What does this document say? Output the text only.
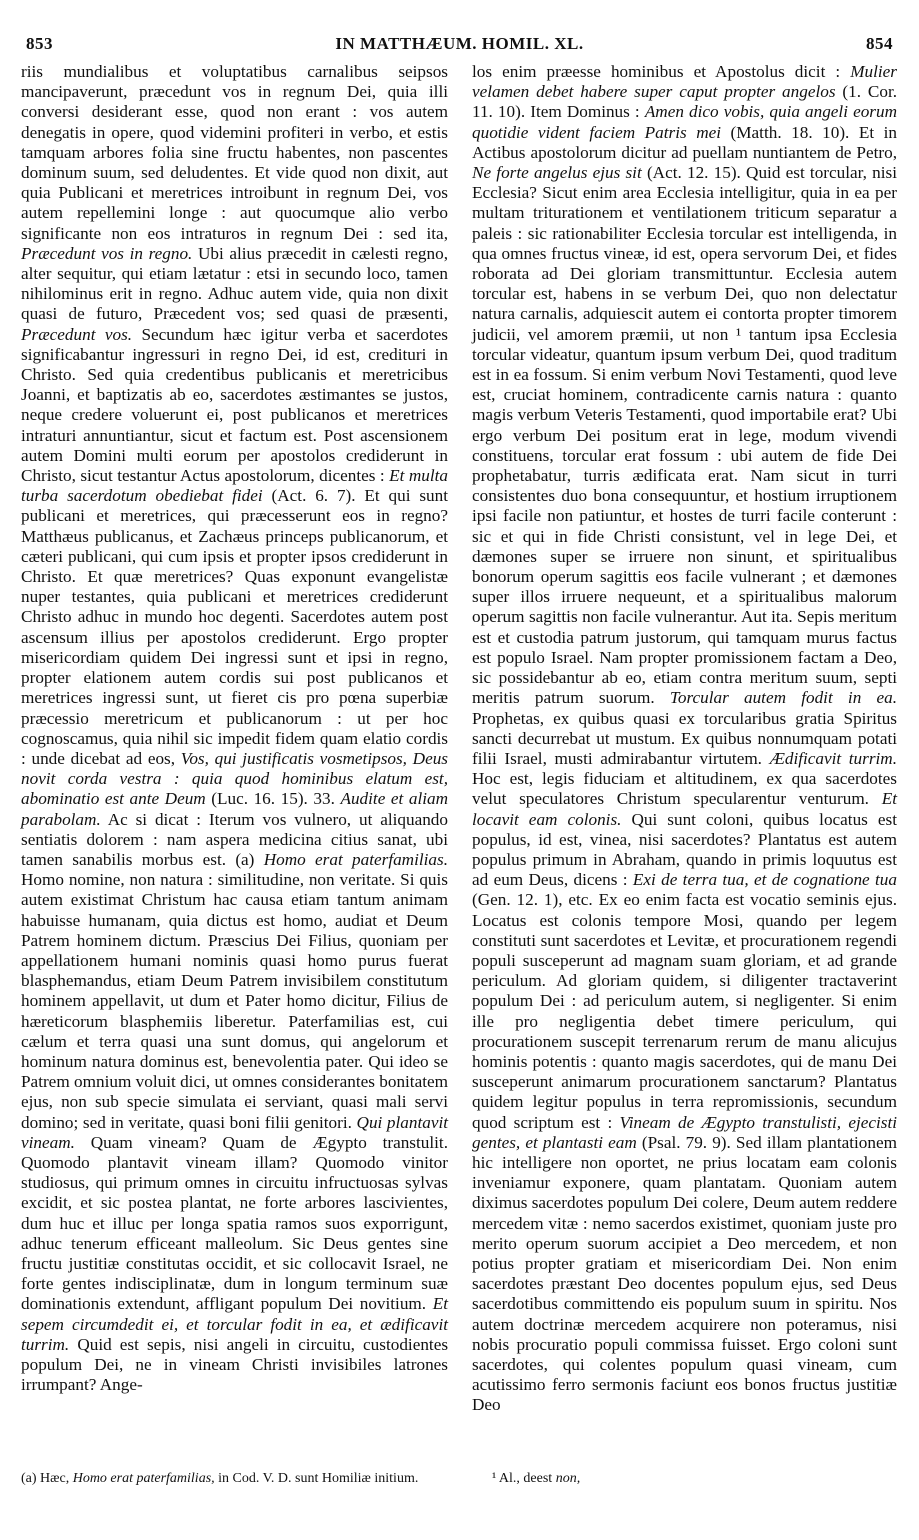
853	IN MATTHÆUM. HOMIL. XL.	854

riis mundialibus et voluptatibus carnalibus seipsos mancipaverunt, præcedunt vos in regnum Dei, quia illi conversi desiderant esse, quod non erant : vos autem denegatis in opere, quod videmini profiteri in verbo, et estis tamquam arbores folia sine fructu habentes, non pascentes dominum suum, sed deludentes. Et vide quod non dixit, aut quia Publicani et meretrices introibunt in regnum Dei, vos autem repellemini longe : aut quocumque alio verbo significante non eos intraturos in regnum Dei : sed ita, Præcedunt vos in regno. Ubi alius præcedit in cælesti regno, alter sequitur, qui etiam lætatur : etsi in secundo loco, tamen nihilominus erit in regno. Adhuc autem vide, quia non dixit quasi de futuro, Præcedent vos; sed quasi de præsenti, Præcedunt vos. Secundum hæc igitur verba et sacerdotes significabantur ingressuri in regno Dei, id est, credituri in Christo. Sed quia credentibus publicanis et meretricibus Joanni, et baptizatis ab eo, sacerdotes æstimantes se justos, neque credere voluerunt ei, post publicanos et meretrices intraturi annuntiantur, sicut et factum est. Post ascensionem autem Domini multi eorum per apostolos crediderunt in Christo, sicut testantur Actus apostolorum, dicentes : Et multa turba sacerdotum obediebat fidei (Act. 6. 7). Et qui sunt publicani et meretrices, qui præcesserunt eos in regno? Matthæus publicanus, et Zachæus princeps publicanorum, et cæteri publicani, qui cum ipsis et propter ipsos crediderunt in Christo. Et quæ meretrices? Quas exponunt evangelistæ nuper testantes, quia publicani et meretrices crediderunt Christo adhuc in mundo hoc degenti. Sacerdotes autem post ascensum illius per apostolos crediderunt. Ergo propter misericordiam quidem Dei ingressi sunt et ipsi in regno, propter elationem autem cordis sui post publicanos et meretrices ingressi sunt, ut fieret cis pro pœna superbiæ præcessio meretricum et publicanorum : ut per hoc cognoscamus, quia nihil sic impedit fidem quam elatio cordis : unde dicebat ad eos, Vos, qui justificatis vosmetipsos, Deus novit corda vestra : quia quod hominibus elatum est, abominatio est ante Deum (Luc. 16. 15). 33. Audite et aliam parabolam. Ac si dicat : Iterum vos vulnero, ut aliquando sentiatis dolorem : nam aspera medicina citius sanat, ubi tamen sanabilis morbus est. (a) Homo erat paterfamilias. Homo nomine, non natura : similitudine, non veritate. Si quis autem existimat Christum hac causa etiam tantum animam habuisse humanam, quia dictus est homo, audiat et Deum Patrem hominem dictum. Præscius Dei Filius, quoniam per appellationem humani nominis quasi homo purus fuerat blasphemandus, etiam Deum Patrem invisibilem constitutum hominem appellavit, ut dum et Pater homo dicitur, Filius de hæreticorum blasphemiis liberetur. Paterfamilias est, cui cælum et terra quasi una sunt domus, qui angelorum et hominum natura dominus est, benevolentia pater. Qui ideo se Patrem omnium voluit dici, ut omnes considerantes bonitatem ejus, non sub specie simulata ei serviant, quasi mali servi domino; sed in veritate, quasi boni filii genitori. Qui plantavit vineam. Quam vineam? Quam de Ægypto transtulit. Quomodo plantavit vineam illam? Quomodo vinitor studiosus, qui primum omnes in circuitu infructuosas sylvas excidit, et sic postea plantat, ne forte arbores lascivientes, dum huc et illuc per longa spatia ramos suos exporrigunt, adhuc tenerum efficeant malleolum. Sic Deus gentes sine fructu justitiæ constitutas occidit, et sic collocavit Israel, ne forte gentes indisciplinatæ, dum in longum terminum suæ dominationis extendunt, affligant populum Dei novitium. Et sepem circumdedit ei, et torcular fodit in ea, et ædificavit turrim. Quid est sepis, nisi angeli in circuitu, custodientes populum Dei, ne in vineam Christi invisibiles latrones irrumpant? Ange-

los enim præesse hominibus et Apostolus dicit : Mulier velamen debet habere super caput propter angelos (1. Cor. 11. 10). Item Dominus : Amen dico vobis, quia angeli eorum quotidie vident faciem Patris mei (Matth. 18. 10). Et in Actibus apostolorum dicitur ad puellam nuntiantem de Petro, Ne forte angelus ejus sit (Act. 12. 15). Quid est torcular, nisi Ecclesia? Sicut enim area Ecclesia intelligitur, quia in ea per multam triturationem et ventilationem triticum separatur a paleis : sic rationabiliter Ecclesia torcular est intelligenda, in qua omnes fructus vineæ, id est, opera servorum Dei, et fides roborata ad Dei gloriam transmittuntur. Ecclesia autem torcular est, habens in se verbum Dei, quo non delectatur natura carnalis, adquiescit autem ei contorta propter timorem judicii, vel amorem præmii, ut non ¹ tantum ipsa Ecclesia torcular videatur, quantum ipsum verbum Dei, quod traditum est in ea fossum. Si enim verbum Novi Testamenti, quod leve est, cruciat hominem, contradicente carnis natura : quanto magis verbum Veteris Testamenti, quod importabile erat? Ubi ergo verbum Dei positum erat in lege, modum vivendi constituens, torcular erat fossum : ubi autem de fide Dei prophetabatur, turris ædificata erat. Nam sicut in turri consistentes duo bona consequuntur, et hostium irruptionem ipsi facile non patiuntur, et hostes de turri facile conterunt : sic et qui in fide Christi consistunt, vel in lege Dei, et dæmones super se irruere non sinunt, et spiritualibus bonorum operum sagittis eos facile vulnerant ; et dæmones super illos irruere nequeunt, et a spiritualibus malorum operum sagittis non facile vulnerantur. Aut ita. Sepis meritum est et custodia patrum justorum, qui tamquam murus factus est populo Israel. Nam propter promissionem factam a Deo, sic possidebantur ab eo, etiam contra meritum suum, septi meritis patrum suorum. Torcular autem fodit in ea. Prophetas, ex quibus quasi ex torcularibus gratia Spiritus sancti decurrebat ut mustum. Ex quibus nonnumquam potati filii Israel, musti admirabantur virtutem. Ædificavit turrim. Hoc est, legis fiduciam et altitudinem, ex qua sacerdotes velut speculatores Christum specularentur venturum. Et locavit eam colonis. Qui sunt coloni, quibus locatus est populus, id est, vinea, nisi sacerdotes? Plantatus est autem populus primum in Abraham, quando in primis loquutus est ad eum Deus, dicens : Exi de terra tua, et de cognatione tua (Gen. 12. 1), etc. Ex eo enim facta est vocatio seminis ejus. Locatus est colonis tempore Mosi, quando per legem constituti sunt sacerdotes et Levitæ, et procurationem regendi populi susceperunt ad magnam suam gloriam, et ad grande periculum. Ad gloriam quidem, si diligenter tractaverint populum Dei : ad periculum autem, si negligenter. Si enim ille pro negligentia debet timere periculum, qui procurationem suscepit terrenarum rerum de manu alicujus hominis potentis : quanto magis sacerdotes, qui de manu Dei susceperunt animarum procurationem sanctarum? Plantatus quidem legitur populus in terra repromissionis, secundum quod scriptum est : Vineam de Ægypto transtulisti, ejecisti gentes, et plantasti eam (Psal. 79. 9). Sed illam plantationem hic intelligere non oportet, ne prius locatam eam colonis inveniamur exponere, quam plantatam. Quoniam autem diximus sacerdotes populum Dei colere, Deum autem reddere mercedem vitæ : nemo sacerdos existimet, quoniam juste pro merito operum suorum accipiet a Deo mercedem, et non potius propter gratiam et misericordiam Dei. Non enim sacerdotes præstant Deo docentes populum ejus, sed Deus sacerdotibus committendo eis populum suum in spiritu. Nos autem doctrinæ mercedem acquirere non poteramus, nisi nobis procuratio populi commissa fuisset. Ergo coloni sunt sacerdotes, qui colentes populum quasi vineam, cum acutissimo ferro sermonis faciunt eos bonos fructus justitiæ Deo

(a) Hæc, Homo erat paterfamilias, in Cod. V. D. sunt Homiliæ initium.	¹ Al., deest non,
